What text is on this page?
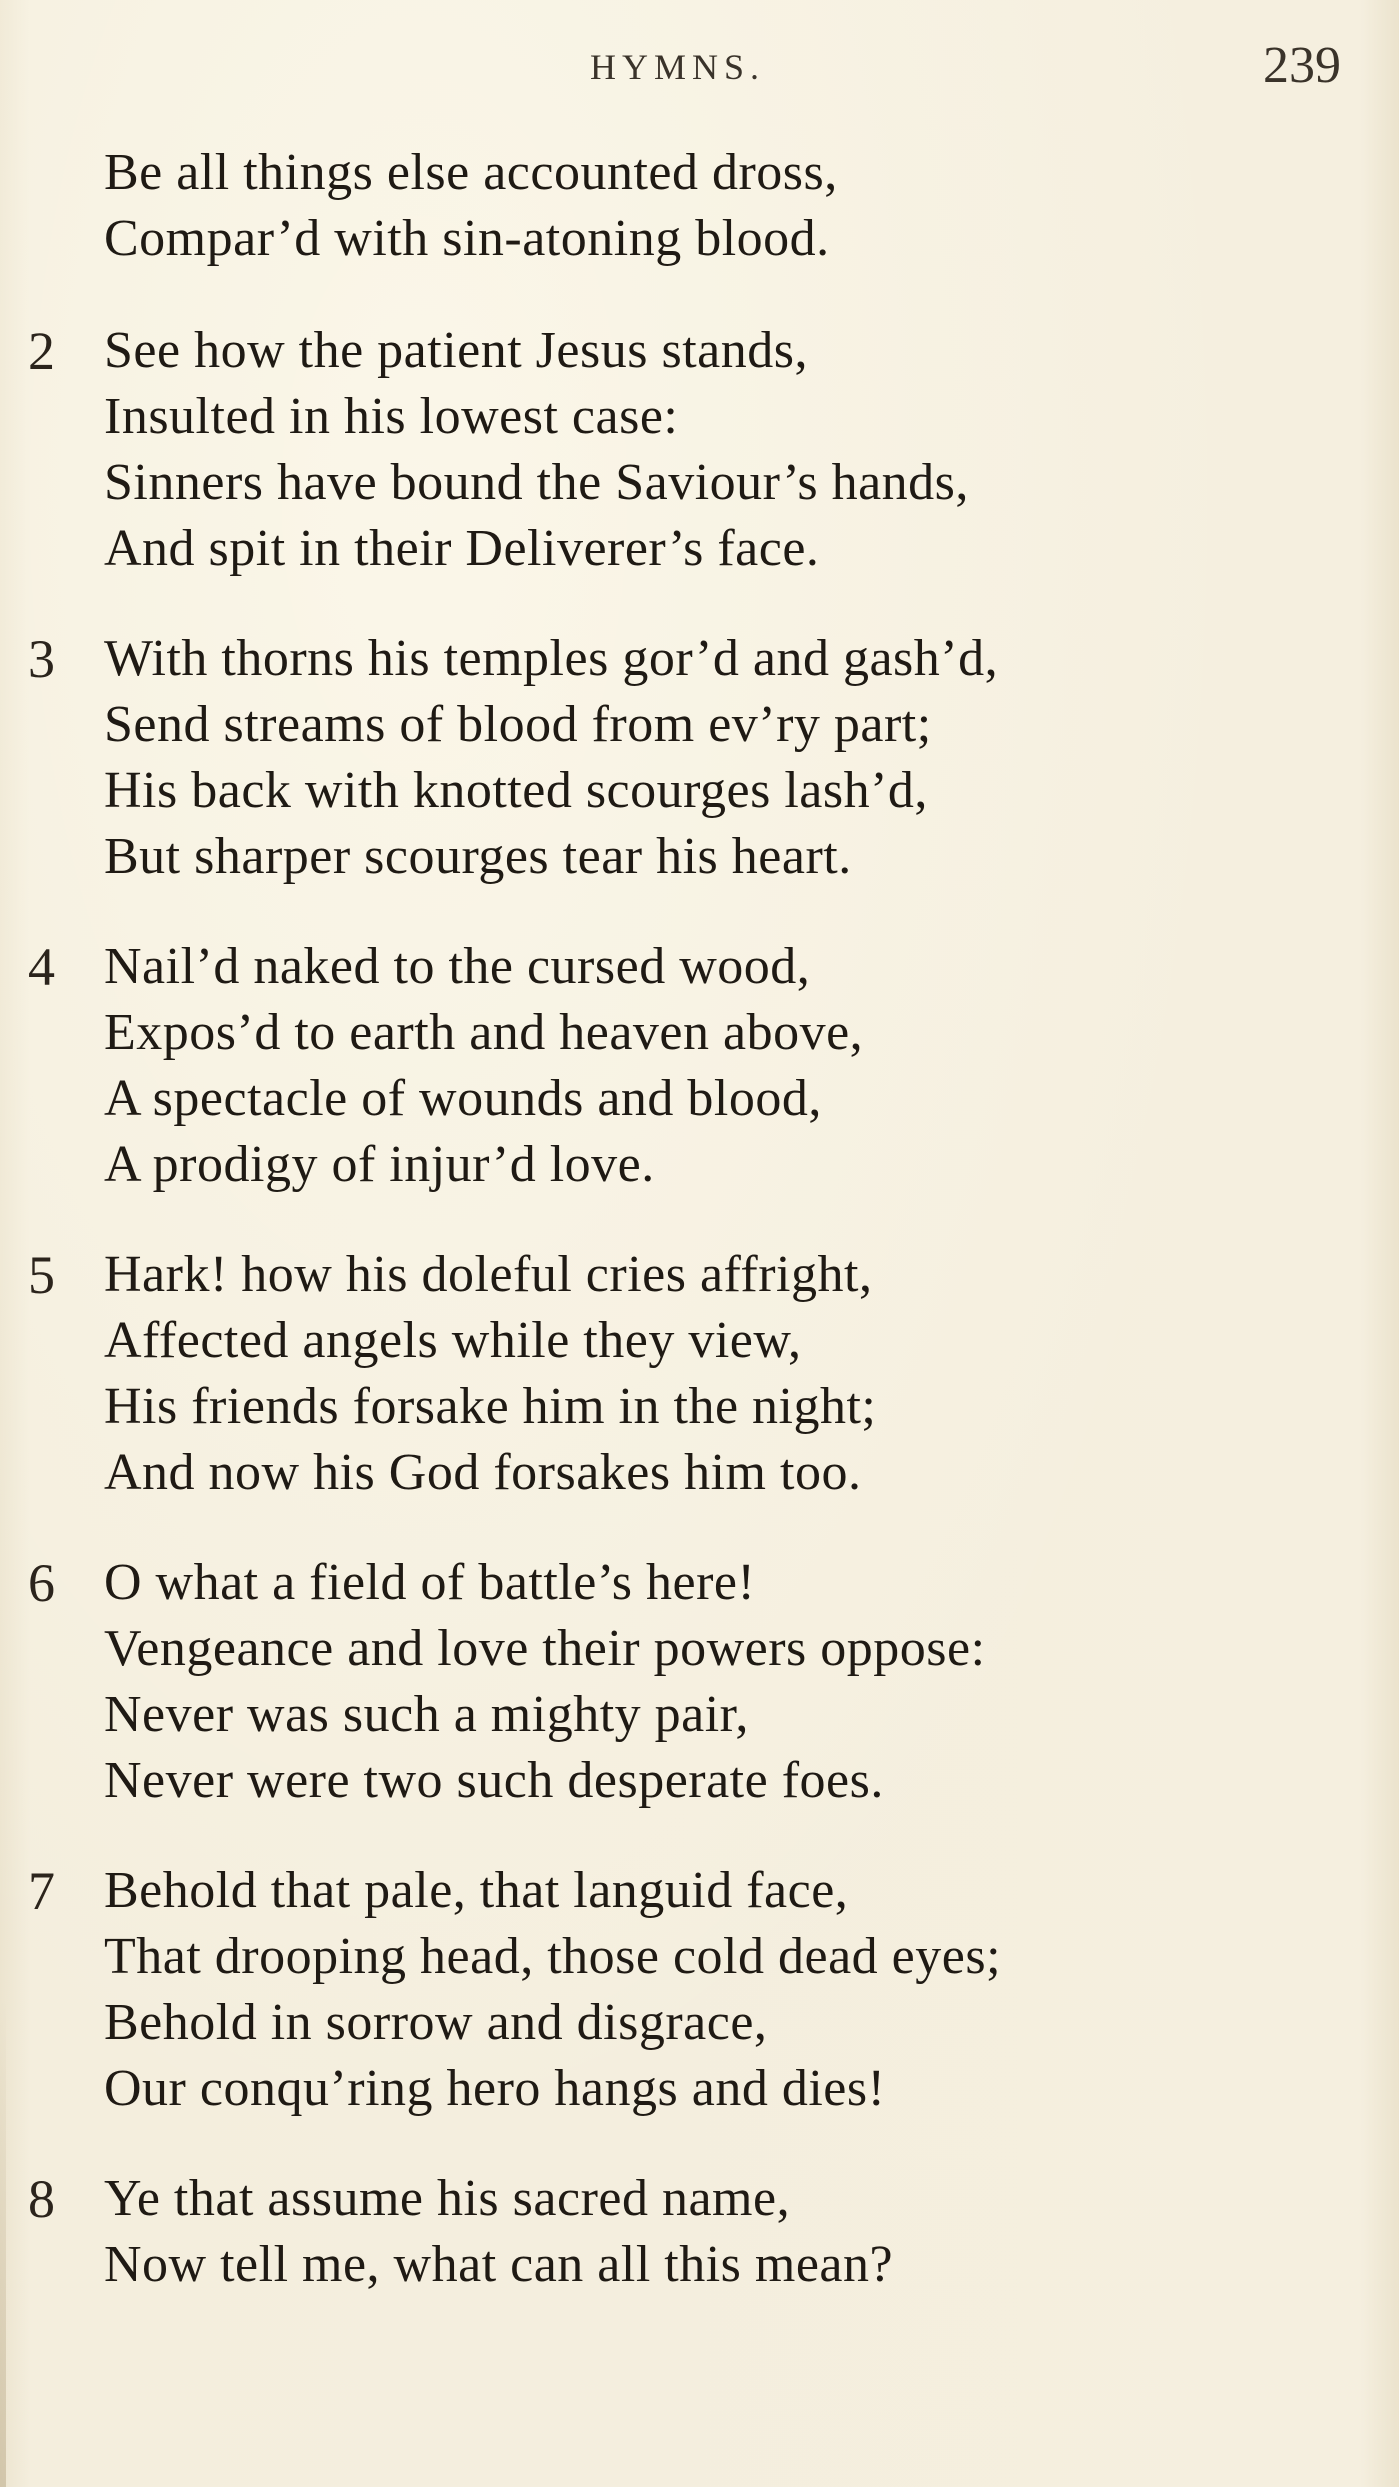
HYMNS.	239
Be all things else accounted dross,
Compar’d with sin-atoning blood.
2 See how the patient Jesus stands,
Insulted in his lowest case:
Sinners have bound the Saviour’s hands,
And spit in their Deliverer’s face.
3 With thorns his temples gor’d and gash’d,
Send streams of blood from ev’ry part;
His back with knotted scourges lash’d,
But sharper scourges tear his heart.
4 Nail’d naked to the cursed wood,
Expos’d to earth and heaven above,
A spectacle of wounds and blood,
A prodigy of injur’d love.
5 Hark! how his doleful cries affright,
Affected angels while they view,
His friends forsake him in the night;
And now his God forsakes him too.
6 O what a field of battle’s here!
Vengeance and love their powers oppose:
Never was such a mighty pair,
Never were two such desperate foes.
7 Behold that pale, that languid face,
That drooping head, those cold dead eyes;
Behold in sorrow and disgrace,
Our conqu’ring hero hangs and dies!
8 Ye that assume his sacred name,
Now tell me, what can all this mean?
